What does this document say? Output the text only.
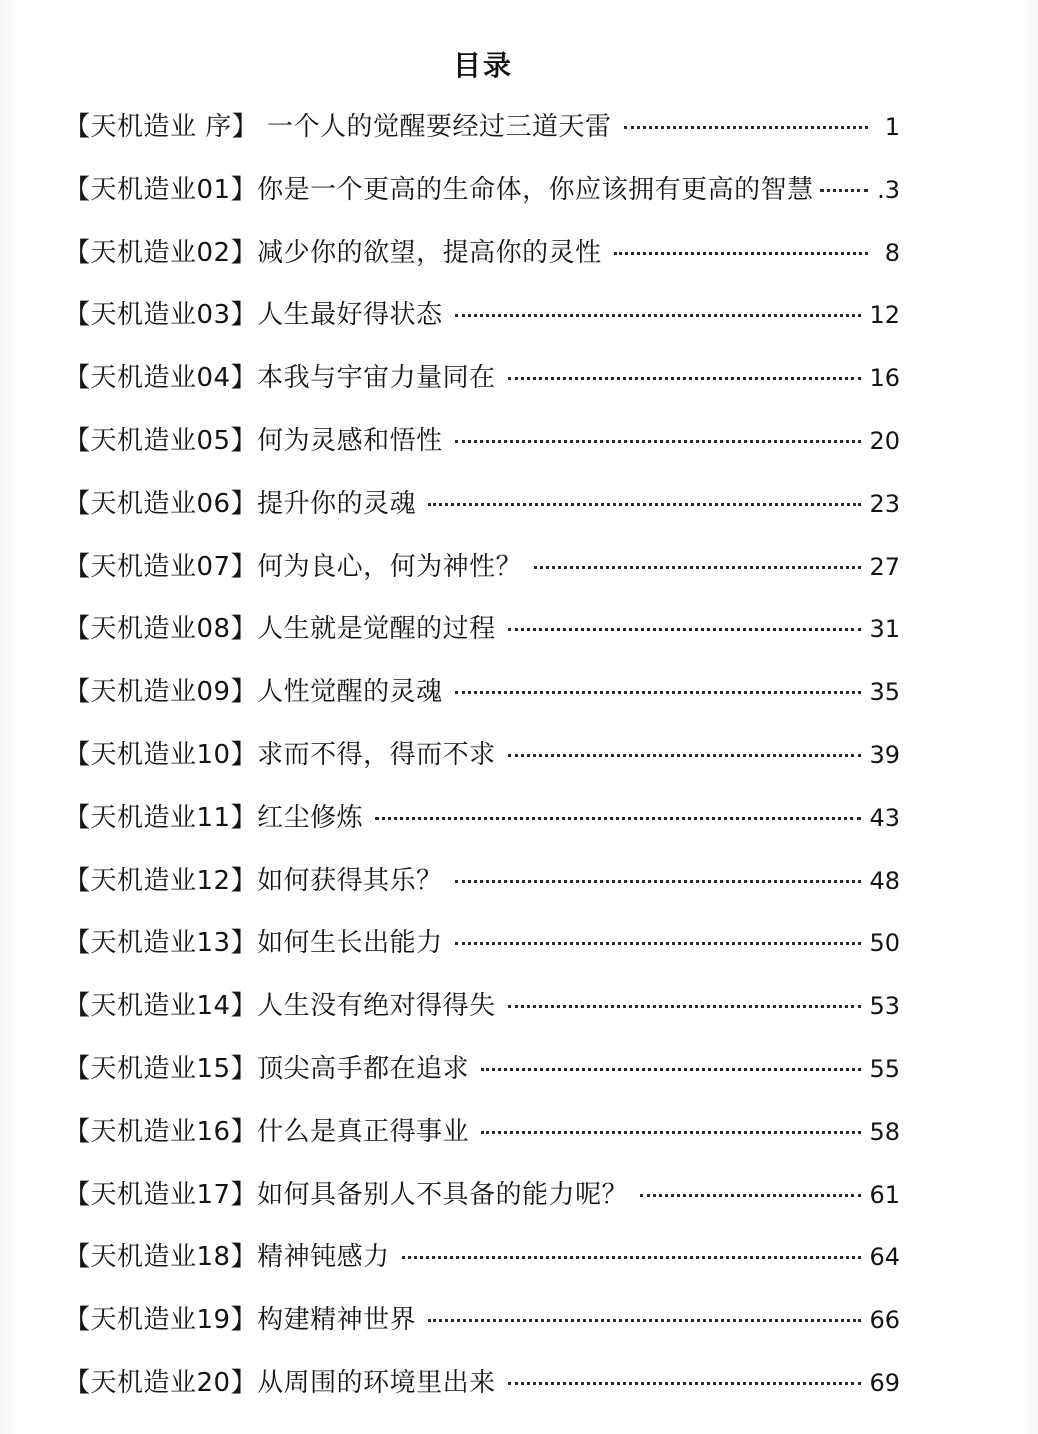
目录
【天机造业 序】 一个人的觉醒要经过三道天雷	1
【天机造业01】你是一个更高的生命体，你应该拥有更高的智慧	.3
【天机造业02】减少你的欲望，提高你的灵性	8
【天机造业03】人生最好得状态	12
【天机造业04】本我与宇宙力量同在	16
【天机造业05】何为灵感和悟性	20
【天机造业06】提升你的灵魂	23
【天机造业07】何为良心，何为神性？	27
【天机造业08】人生就是觉醒的过程	31
【天机造业09】人性觉醒的灵魂	35
【天机造业10】求而不得，得而不求	39
【天机造业11】红尘修炼	43
【天机造业12】如何获得其乐？	48
【天机造业13】如何生长出能力	50
【天机造业14】人生没有绝对得得失	53
【天机造业15】顶尖高手都在追求	55
【天机造业16】什么是真正得事业	58
【天机造业17】如何具备别人不具备的能力呢？	61
【天机造业18】精神钝感力	64
【天机造业19】构建精神世界	66
【天机造业20】从周围的环境里出来	69
